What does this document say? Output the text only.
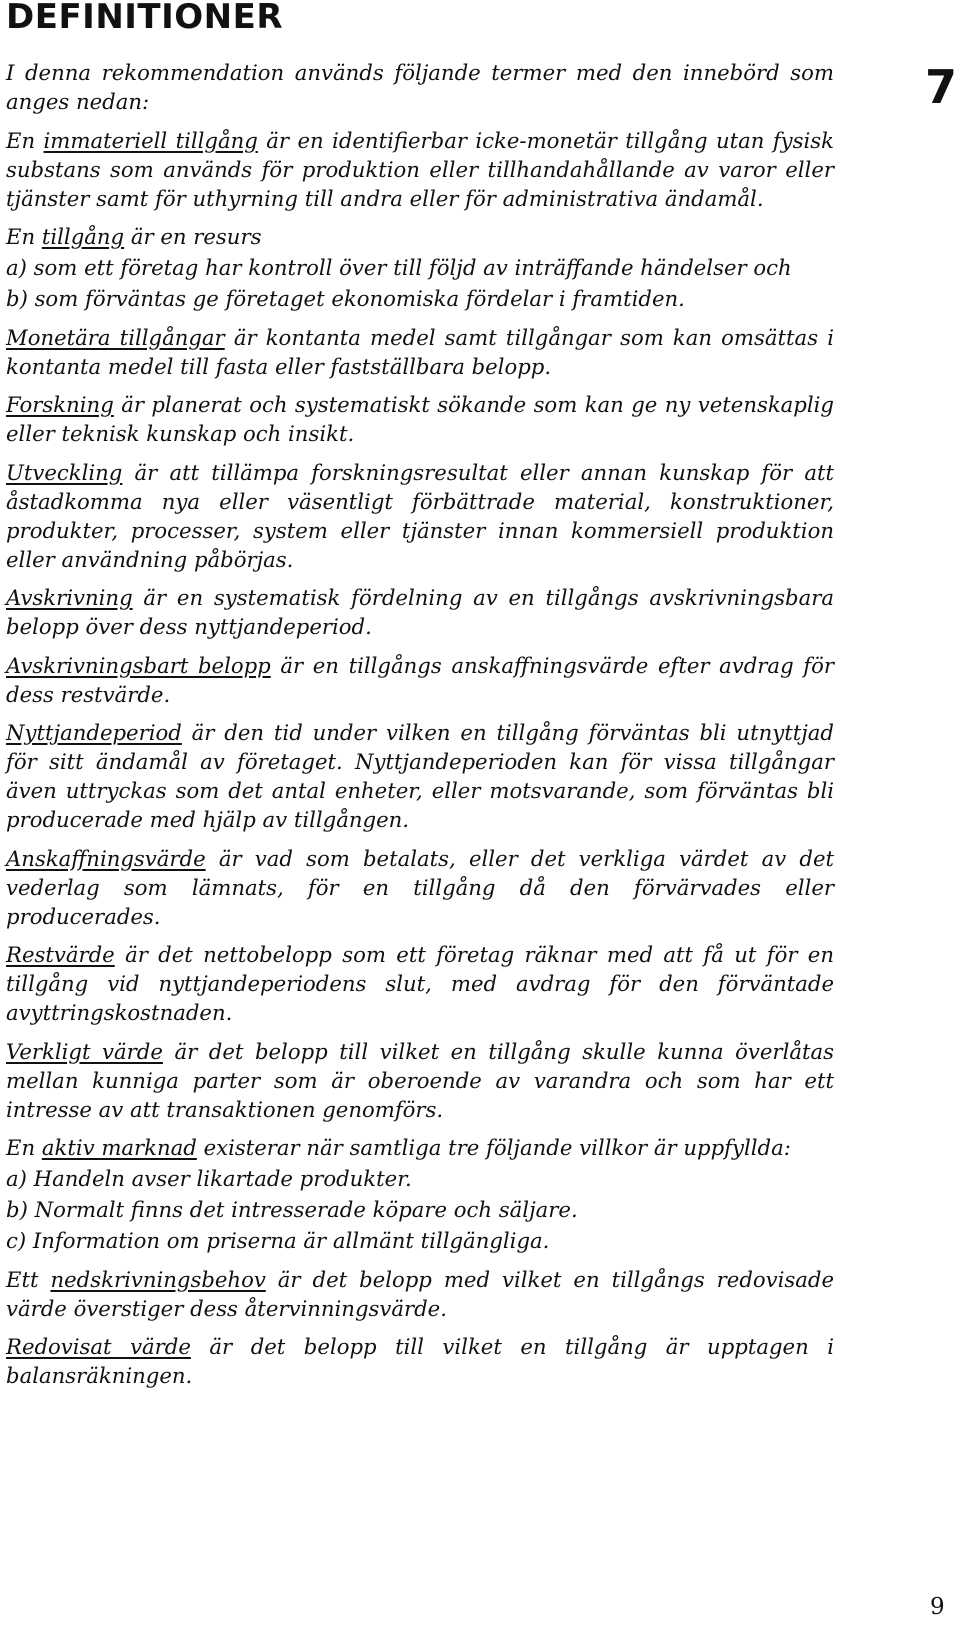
DEFINITIONER
7

I denna rekommendation används följande termer med den innebörd som anges nedan:

En immateriell tillgång är en identifierbar icke-monetär tillgång utan fysisk substans som används för produktion eller tillhandahållande av varor eller tjänster samt för uthyrning till andra eller för administrativa ändamål.

En tillgång är en resurs

a) som ett företag har kontroll över till följd av inträffande händelser och

b) som förväntas ge företaget ekonomiska fördelar i framtiden.

Monetära tillgångar är kontanta medel samt tillgångar som kan omsättas i kontanta medel till fasta eller fastställbara belopp.

Forskning är planerat och systematiskt sökande som kan ge ny vetenskaplig eller teknisk kunskap och insikt.

Utveckling är att tillämpa forskningsresultat eller annan kunskap för att åstadkomma nya eller väsentligt förbättrade material, konstruktioner, produkter, processer, system eller tjänster innan kommersiell produktion eller användning påbörjas.

Avskrivning är en systematisk fördelning av en tillgångs avskrivningsbara belopp över dess nyttjandeperiod.

Avskrivningsbart belopp är en tillgångs anskaffningsvärde efter avdrag för dess restvärde.

Nyttjandeperiod är den tid under vilken en tillgång förväntas bli utnyttjad för sitt ändamål av företaget. Nyttjandeperioden kan för vissa tillgångar även uttryckas som det antal enheter, eller motsvarande, som förväntas bli producerade med hjälp av tillgången.

Anskaffningsvärde är vad som betalats, eller det verkliga värdet av det vederlag som lämnats, för en tillgång då den förvärvades eller producerades.

Restvärde är det nettobelopp som ett företag räknar med att få ut för en tillgång vid nyttjandeperiodens slut, med avdrag för den förväntade avyttringskostnaden.

Verkligt värde är det belopp till vilket en tillgång skulle kunna överlåtas mellan kunniga parter som är oberoende av varandra och som har ett intresse av att transaktionen genomförs.

En aktiv marknad existerar när samtliga tre följande villkor är uppfyllda:

a) Handeln avser likartade produkter.

b) Normalt finns det intresserade köpare och säljare.

c) Information om priserna är allmänt tillgängliga.

Ett nedskrivningsbehov är det belopp med vilket en tillgångs redovisade värde överstiger dess återvinningsvärde.

Redovisat värde är det belopp till vilket en tillgång är upptagen i balansräkningen.

9
